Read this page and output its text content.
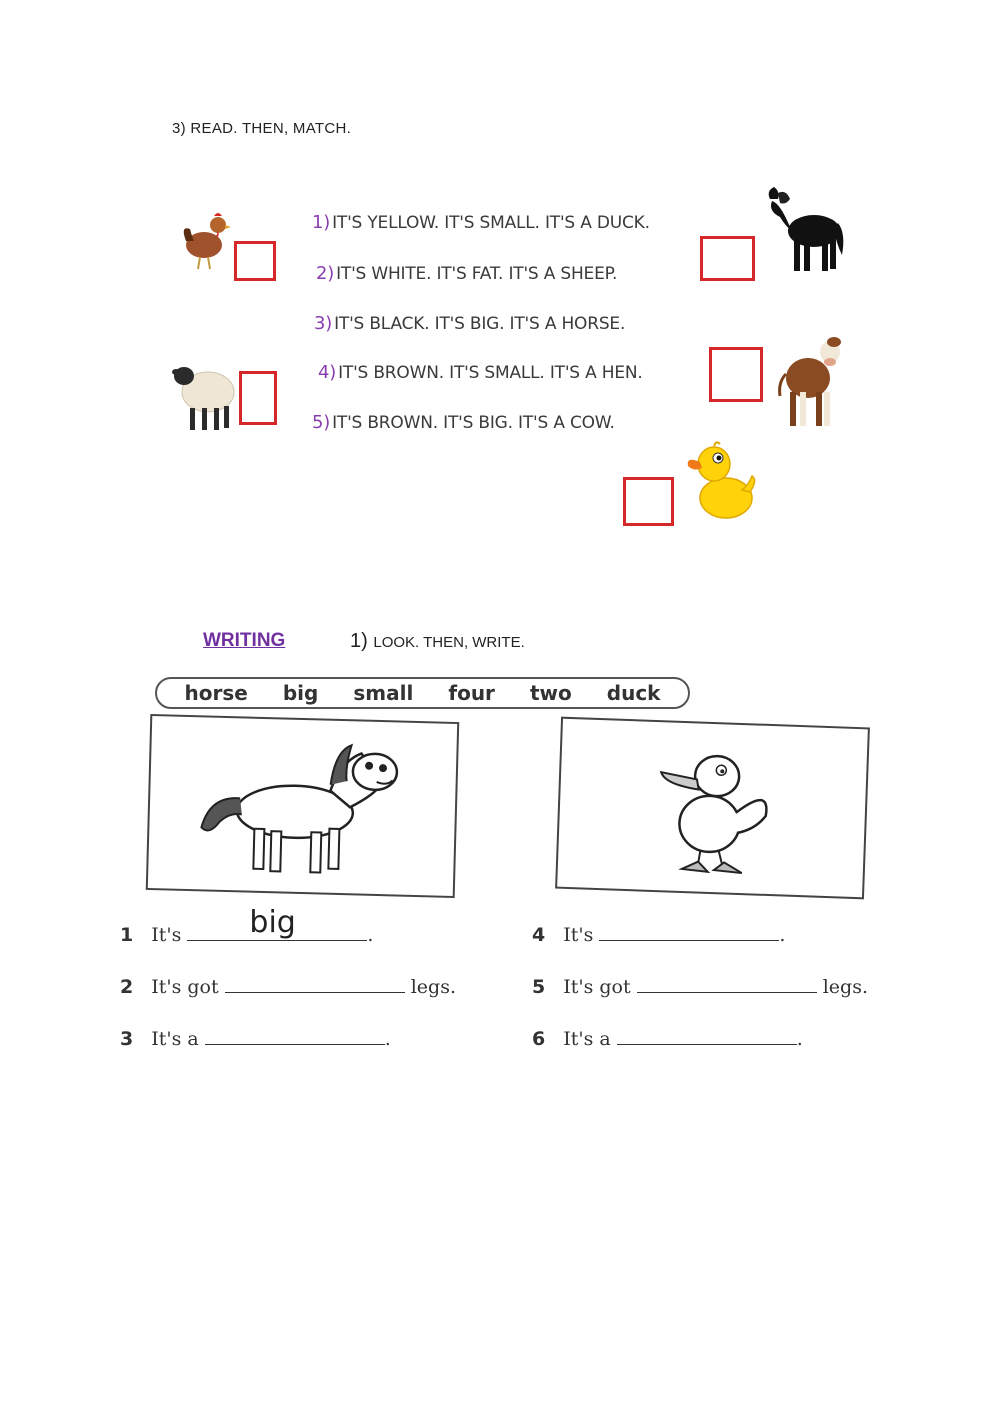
3) READ. THEN, MATCH.
1) IT'S YELLOW. IT'S SMALL. IT'S A DUCK.
2) IT'S WHITE. IT'S FAT. IT'S A SHEEP.
3) IT'S BLACK. IT'S BIG. IT'S A HORSE.
4) IT'S BROWN. IT'S SMALL. IT'S A HEN.
5) IT'S BROWN. IT'S BIG. IT'S A COW.
WRITING	1) LOOK. THEN, WRITE.
horse big small four two duck
1 It's big	.
2 It's got	legs.
3 It's a	.
4 It's	.
5 It's got	legs.
6 It's a	.
